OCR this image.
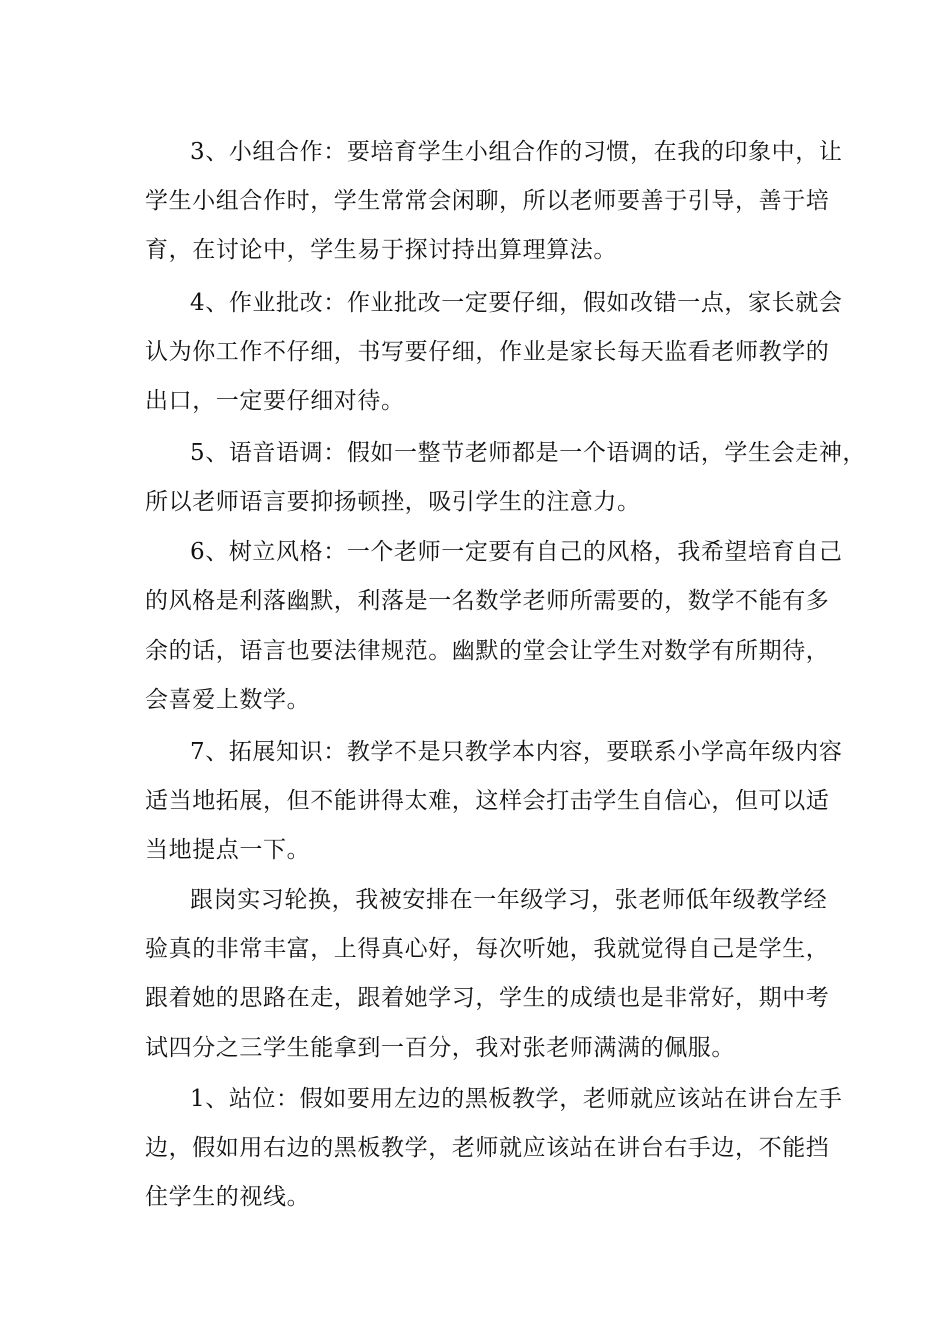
3、小组合作：要培育学生小组合作的习惯，在我的印象中，让
学生小组合作时，学生常常会闲聊，所以老师要善于引导，善于培
育，在讨论中，学生易于探讨持出算理算法。
4、作业批改：作业批改一定要仔细，假如改错一点，家长就会
认为你工作不仔细，书写要仔细，作业是家长每天监看老师教学的
出口，一定要仔细对待。
5、语音语调：假如一整节老师都是一个语调的话，学生会走神，
所以老师语言要抑扬顿挫，吸引学生的注意力。
6、树立风格：一个老师一定要有自己的风格，我希望培育自己
的风格是利落幽默，利落是一名数学老师所需要的，数学不能有多
余的话，语言也要法律规范。幽默的堂会让学生对数学有所期待，
会喜爱上数学。
7、拓展知识：教学不是只教学本内容，要联系小学高年级内容
适当地拓展，但不能讲得太难，这样会打击学生自信心，但可以适
当地提点一下。
跟岗实习轮换，我被安排在一年级学习，张老师低年级教学经
验真的非常丰富，上得真心好，每次听她，我就觉得自己是学生，
跟着她的思路在走，跟着她学习，学生的成绩也是非常好，期中考
试四分之三学生能拿到一百分，我对张老师满满的佩服。
1、站位：假如要用左边的黑板教学，老师就应该站在讲台左手
边，假如用右边的黑板教学，老师就应该站在讲台右手边，不能挡
住学生的视线。
